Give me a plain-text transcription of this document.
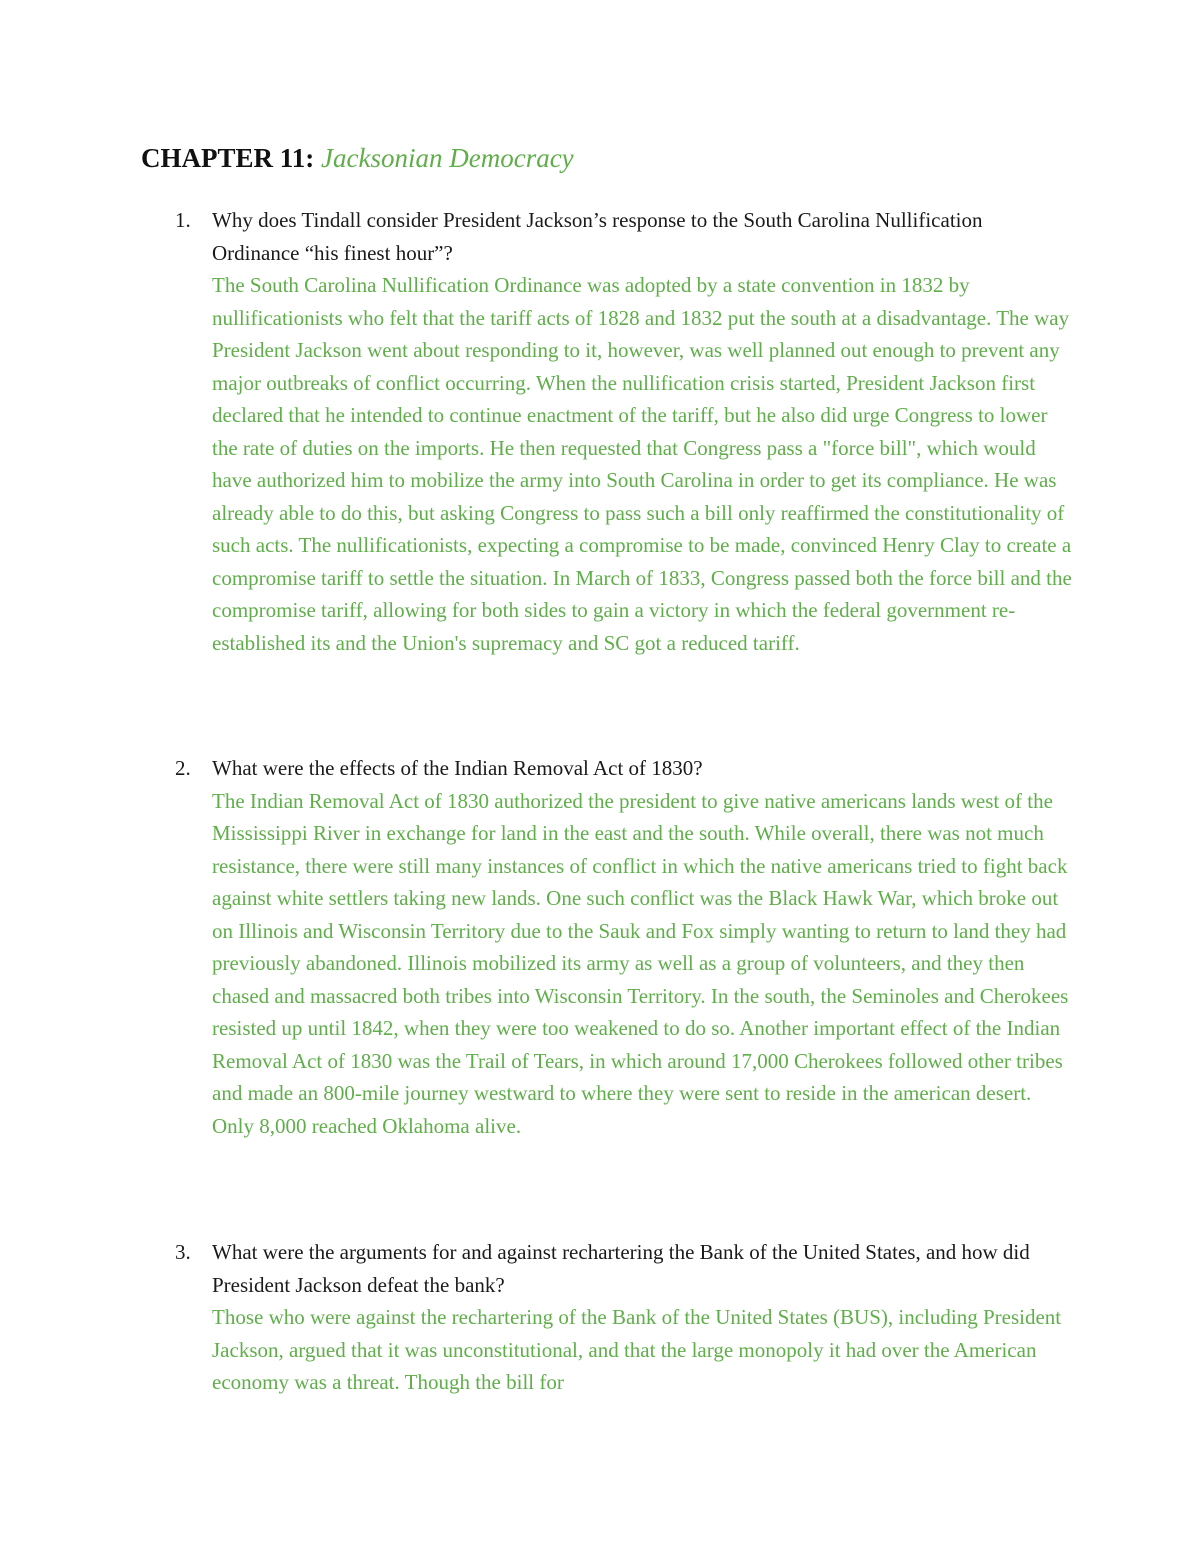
CHAPTER 11: Jacksonian Democracy
1. Why does Tindall consider President Jackson’s response to the South Carolina Nullification Ordinance “his finest hour”?

The South Carolina Nullification Ordinance was adopted by a state convention in 1832 by nullificationists who felt that the tariff acts of 1828 and 1832 put the south at a disadvantage. The way President Jackson went about responding to it, however, was well planned out enough to prevent any major outbreaks of conflict occurring. When the nullification crisis started, President Jackson first declared that he intended to continue enactment of the tariff, but he also did urge Congress to lower the rate of duties on the imports. He then requested that Congress pass a "force bill", which would have authorized him to mobilize the army into South Carolina in order to get its compliance. He was already able to do this, but asking Congress to pass such a bill only reaffirmed the constitutionality of such acts. The nullificationists, expecting a compromise to be made, convinced Henry Clay to create a compromise tariff to settle the situation. In March of 1833, Congress passed both the force bill and the compromise tariff, allowing for both sides to gain a victory in which the federal government re-established its and the Union's supremacy and SC got a reduced tariff.

2. What were the effects of the Indian Removal Act of 1830?

The Indian Removal Act of 1830 authorized the president to give native americans lands west of the Mississippi River in exchange for land in the east and the south. While overall, there was not much resistance, there were still many instances of conflict in which the native americans tried to fight back against white settlers taking new lands. One such conflict was the Black Hawk War, which broke out on Illinois and Wisconsin Territory due to the Sauk and Fox simply wanting to return to land they had previously abandoned. Illinois mobilized its army as well as a group of volunteers, and they then chased and massacred both tribes into Wisconsin Territory. In the south, the Seminoles and Cherokees resisted up until 1842, when they were too weakened to do so. Another important effect of the Indian Removal Act of 1830 was the Trail of Tears, in which around 17,000 Cherokees followed other tribes and made an 800-mile journey westward to where they were sent to reside in the american desert. Only 8,000 reached Oklahoma alive.

3. What were the arguments for and against rechartering the Bank of the United States, and how did President Jackson defeat the bank?

Those who were against the rechartering of the Bank of the United States (BUS), including President Jackson, argued that it was unconstitutional, and that the large monopoly it had over the American economy was a threat. Though the bill for
